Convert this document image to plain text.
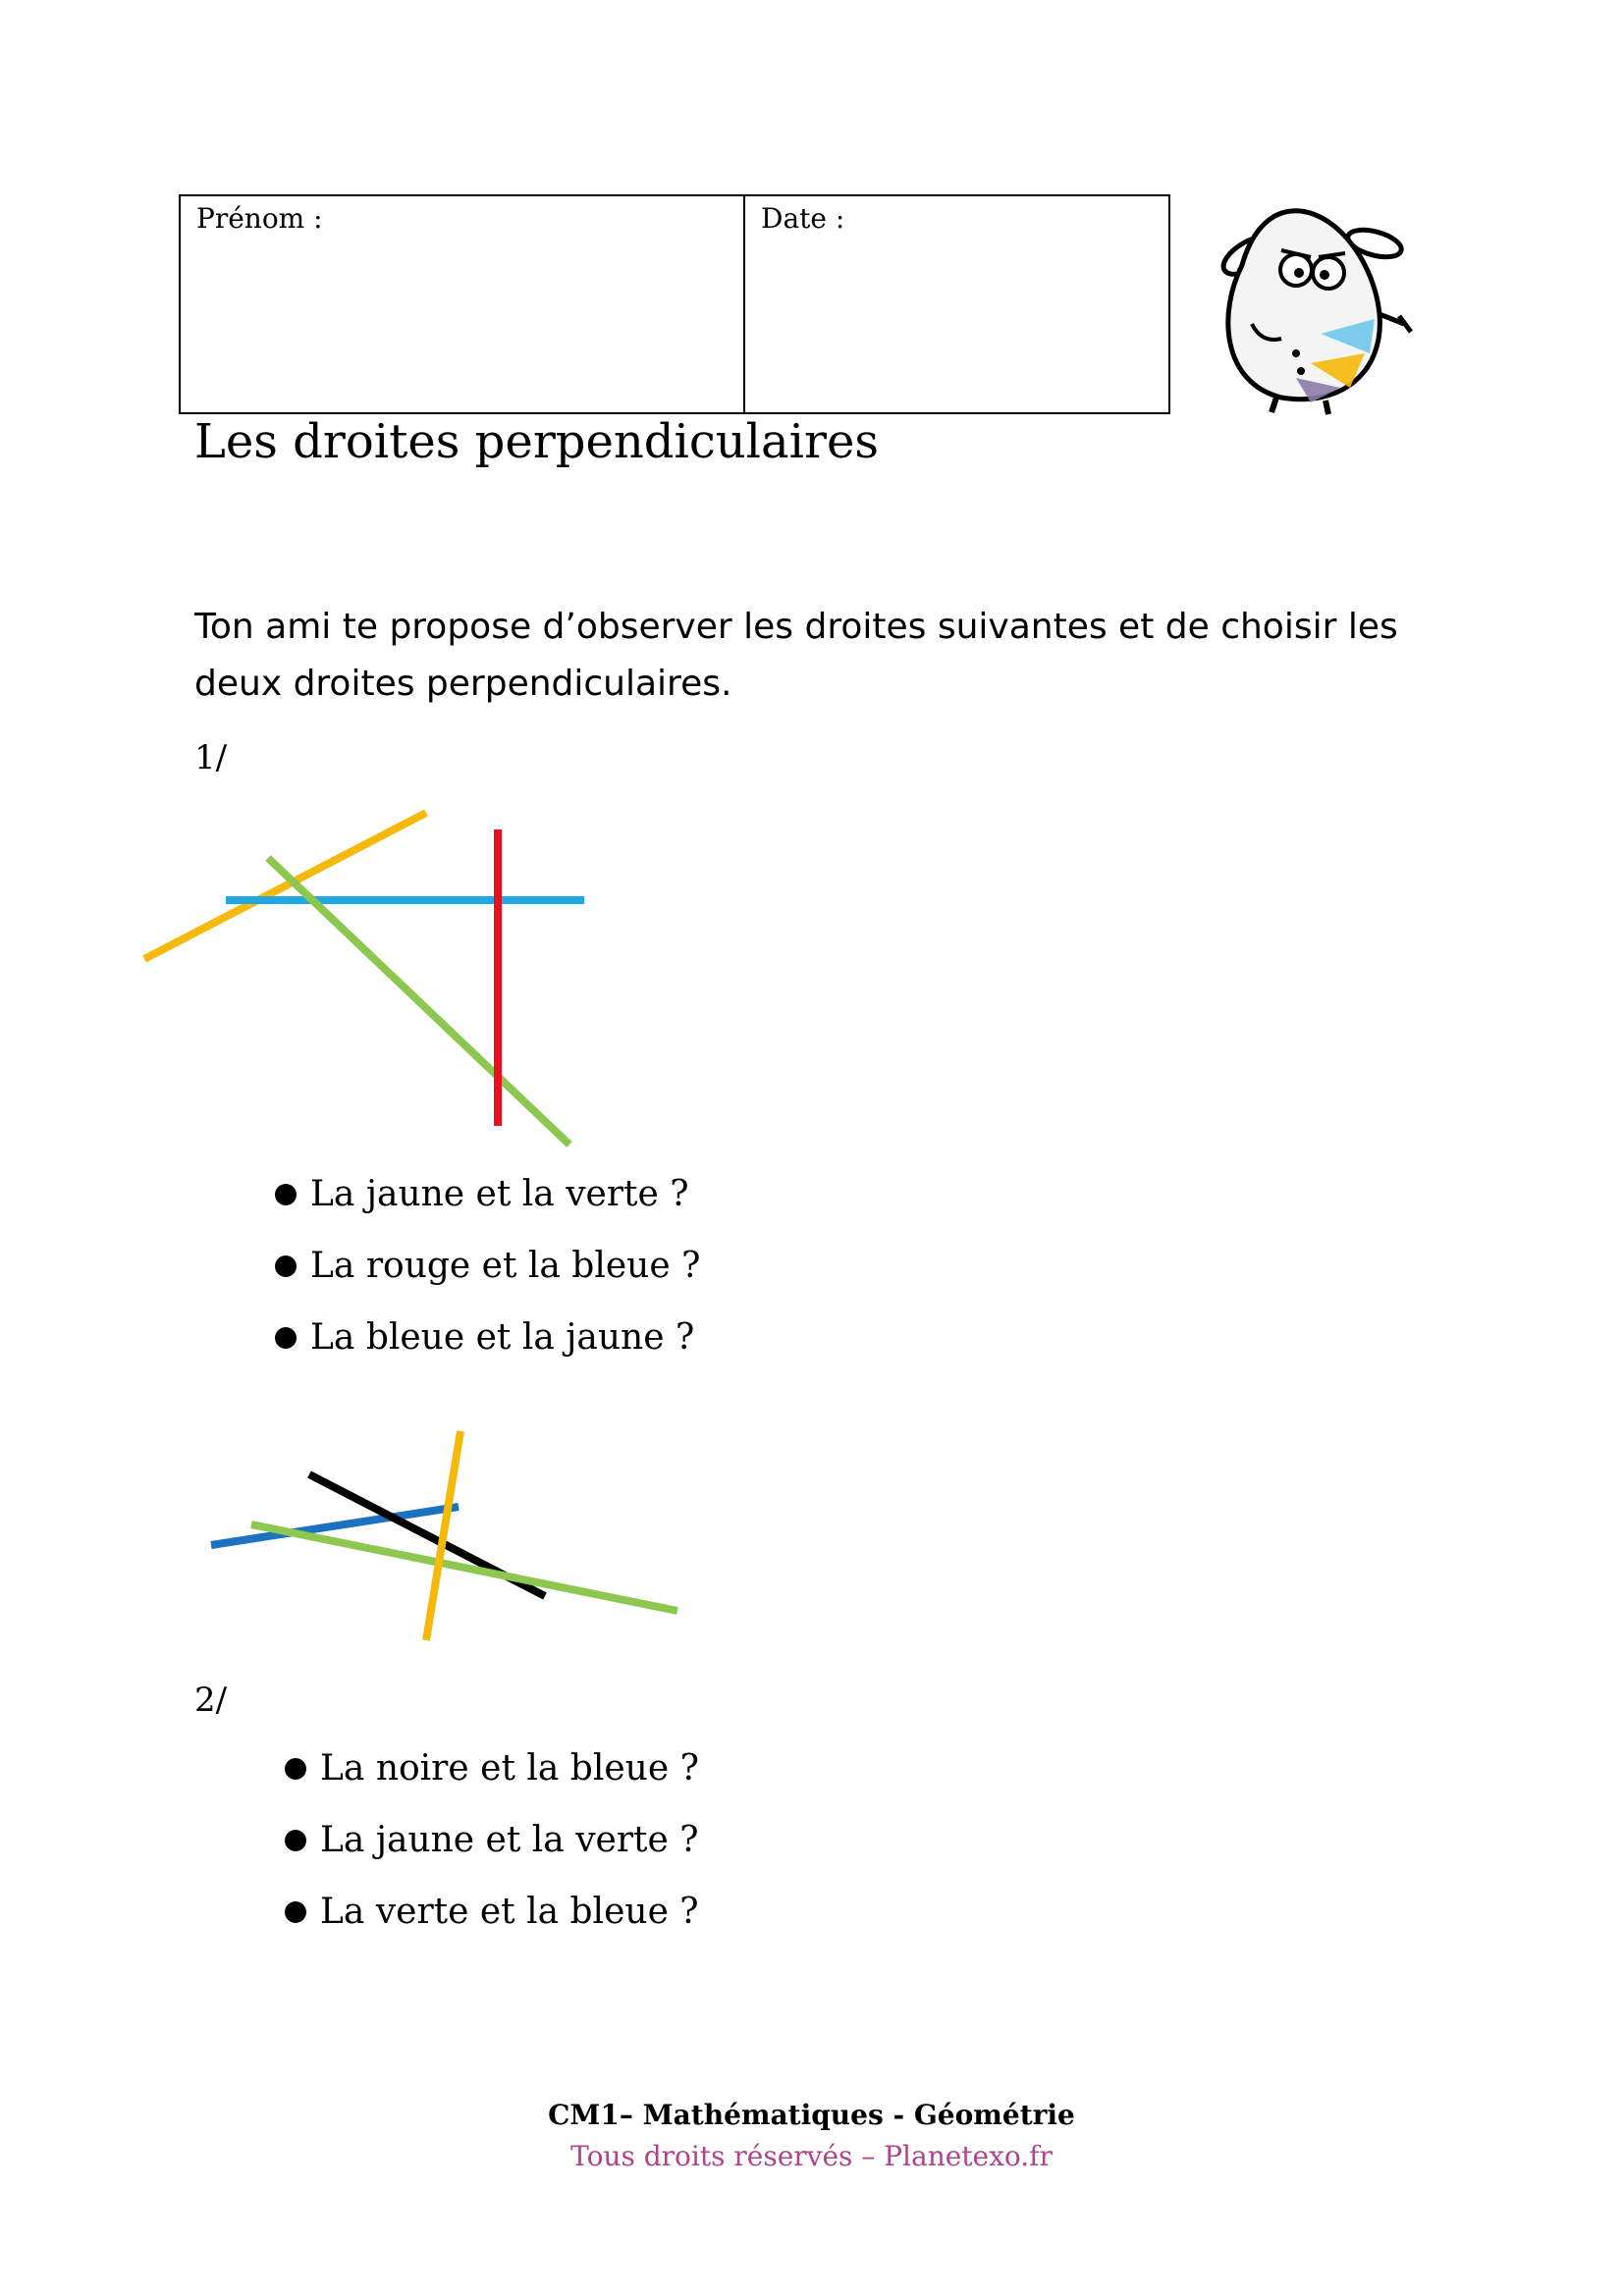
Prénom :	Date :
Les droites perpendiculaires
Ton ami te propose d’observer les droites suivantes et de choisir les deux droites perpendiculaires.
1/
La jaune et la verte ?
La rouge et la bleue ?
La bleue et la jaune ?
2/
La noire et la bleue ?
La jaune et la verte ?
La verte et la bleue ?
CM1– Mathématiques - Géométrie
Tous droits réservés – Planetexo.fr
